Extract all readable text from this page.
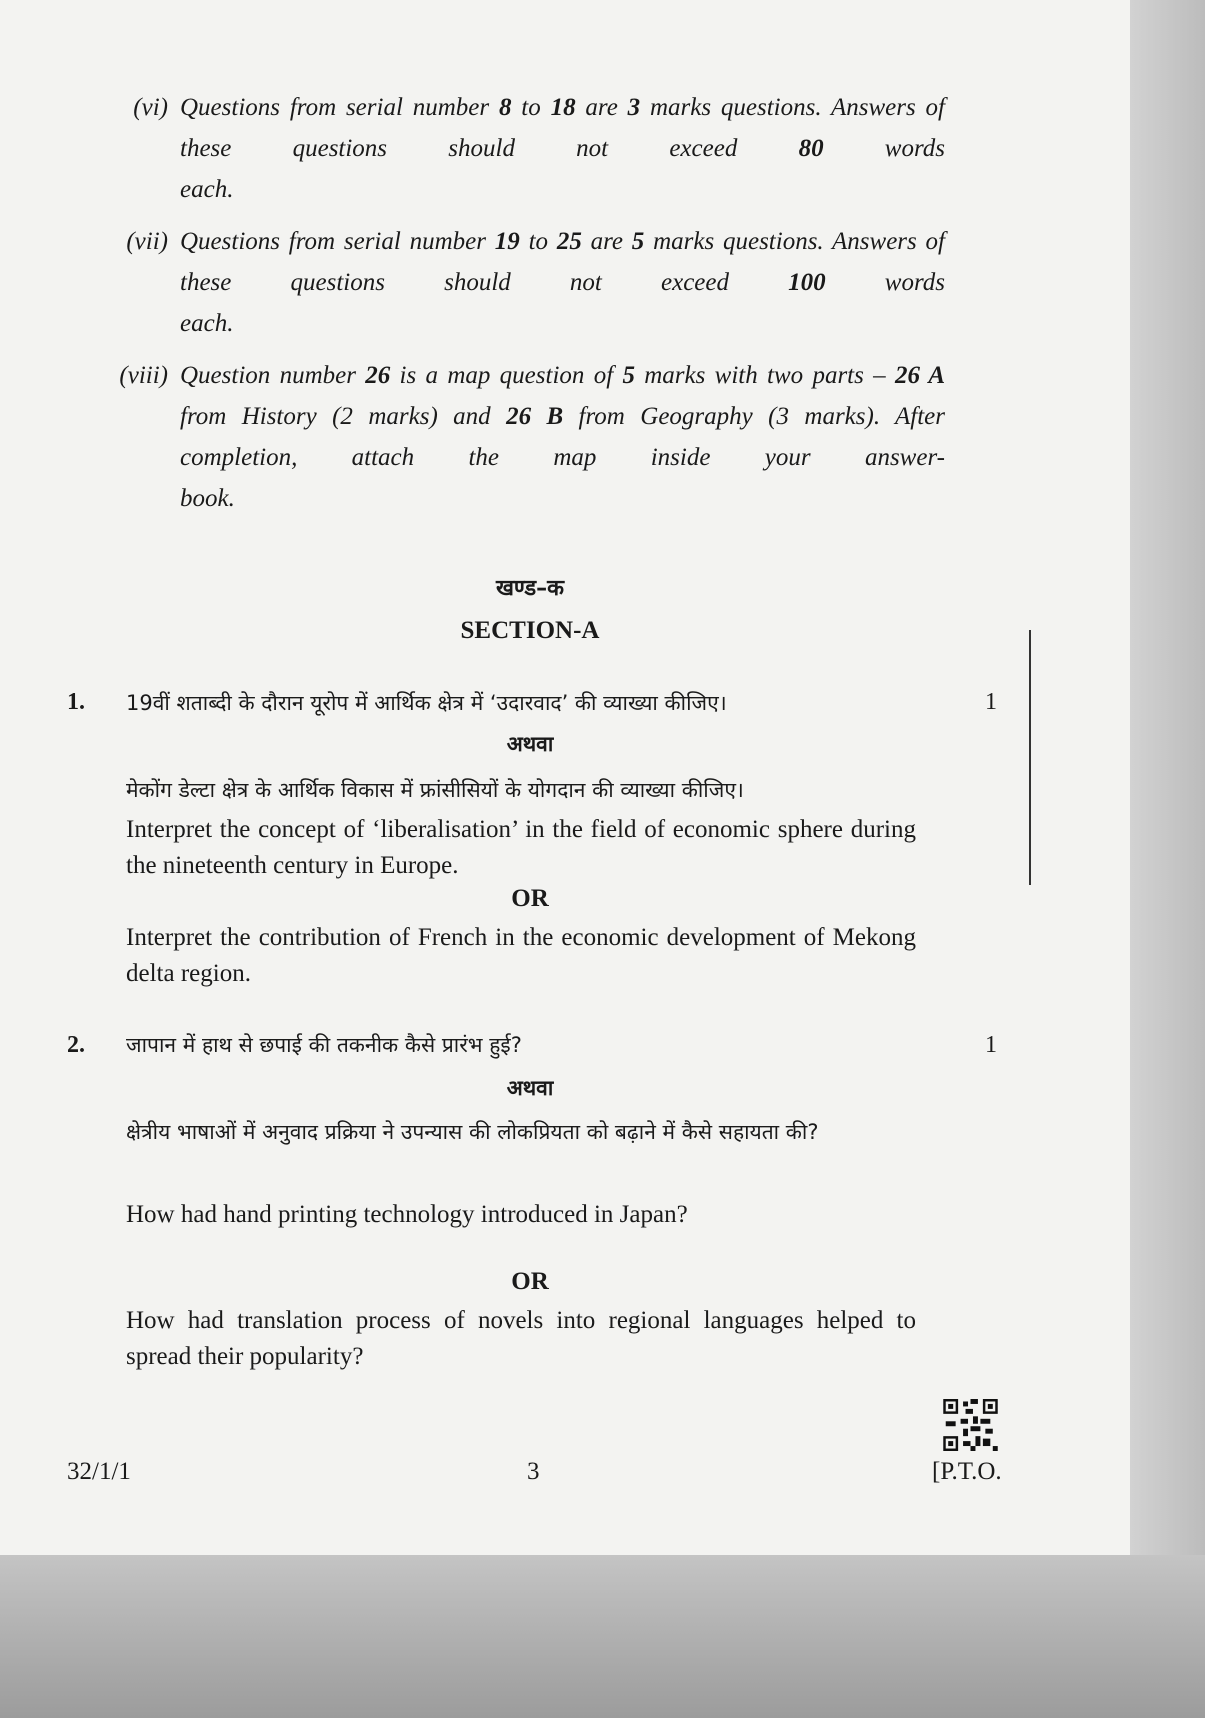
(vi) Questions from serial number 8 to 18 are 3 marks questions. Answers of these questions should not exceed 80 words
each.
(vii) Questions from serial number 19 to 25 are 5 marks questions. Answers of these questions should not exceed 100 words
each.
(viii) Question number 26 is a map question of 5 marks with two parts – 26 A from History (2 marks) and 26 B from Geography (3 marks). After completion, attach the map inside your answer-
book.
खण्ड–क
SECTION-A
1.	1
19वीं शताब्दी के दौरान यूरोप में आर्थिक क्षेत्र में ‘उदारवाद’ की व्याख्या कीजिए।
अथवा
मेकोंग डेल्टा क्षेत्र के आर्थिक विकास में फ्रांसीसियों के योगदान की व्याख्या कीजिए।
Interpret the concept of ‘liberalisation’ in the field of economic sphere during the nineteenth century in Europe.
OR
Interpret the contribution of French in the economic development of Mekong delta region.
2.	1
जापान में हाथ से छपाई की तकनीक कैसे प्रारंभ हुई?
अथवा
क्षेत्रीय भाषाओं में अनुवाद प्रक्रिया ने उपन्यास की लोकप्रियता को बढ़ाने में कैसे सहायता की?
How had hand printing technology introduced in Japan?
OR
How had translation process of novels into regional languages helped to spread their popularity?
32/1/1	3	[P.T.O.
